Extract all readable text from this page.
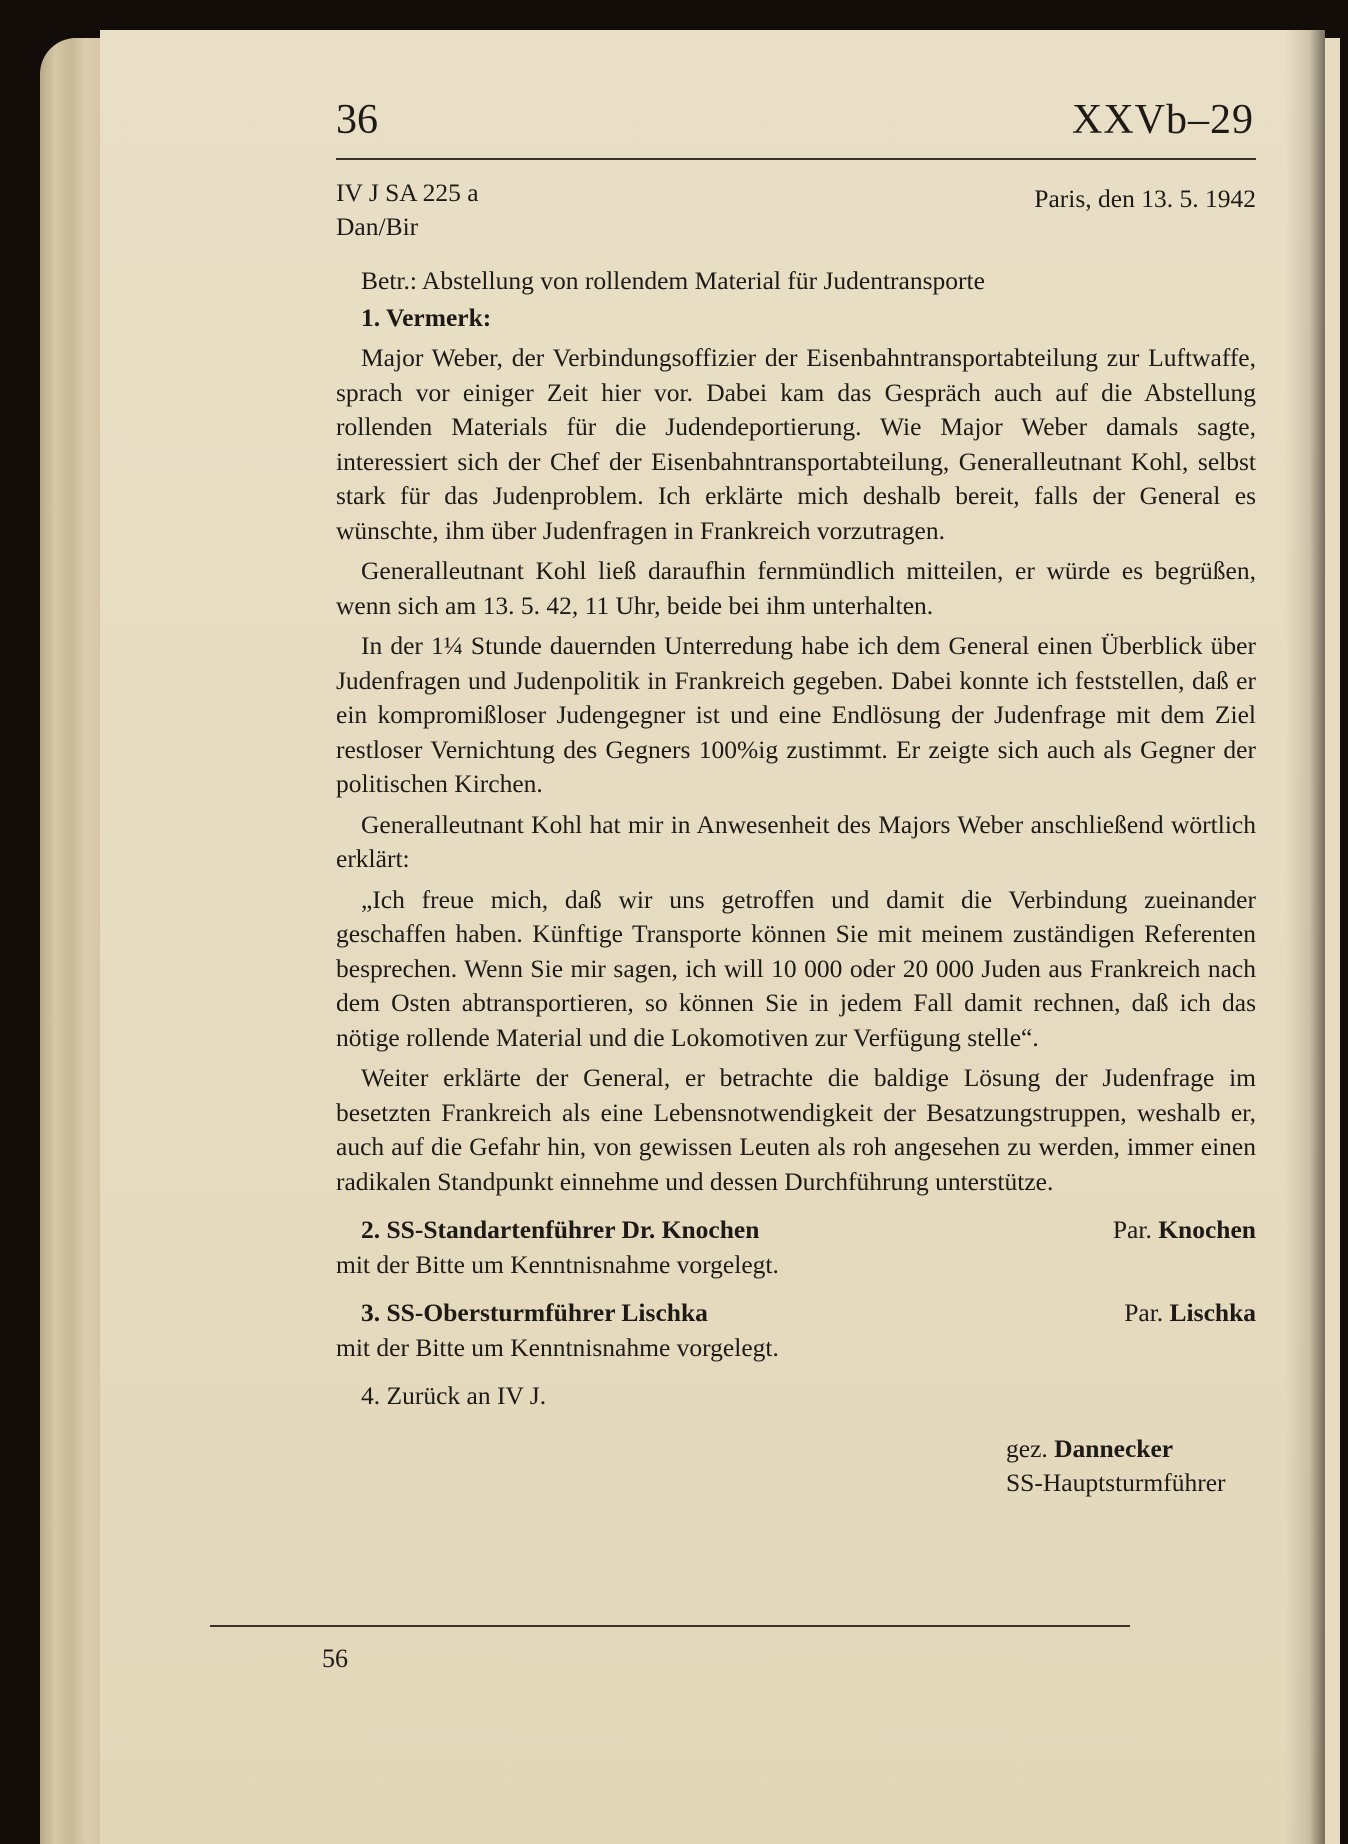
36	XXVb–29
IV J SA 225 a
Dan/Bir
Paris, den 13. 5. 1942
Betr.: Abstellung von rollendem Material für Judentransporte
1. Vermerk:

Major Weber, der Verbindungsoffizier der Eisenbahntransportabteilung zur Luftwaffe, sprach vor einiger Zeit hier vor. Dabei kam das Gespräch auch auf die Abstellung rollenden Materials für die Judendeportierung. Wie Major Weber damals sagte, interessiert sich der Chef der Eisenbahntransportabteilung, Generalleutnant Kohl, selbst stark für das Judenproblem. Ich erklärte mich deshalb bereit, falls der General es wünschte, ihm über Judenfragen in Frankreich vorzutragen.

Generalleutnant Kohl ließ daraufhin fernmündlich mitteilen, er würde es begrüßen, wenn sich am 13. 5. 42, 11 Uhr, beide bei ihm unterhalten.

In der 1¼ Stunde dauernden Unterredung habe ich dem General einen Überblick über Judenfragen und Judenpolitik in Frankreich gegeben. Dabei konnte ich feststellen, daß er ein kompromißloser Judengegner ist und eine Endlösung der Judenfrage mit dem Ziel restloser Vernichtung des Gegners 100%ig zustimmt. Er zeigte sich auch als Gegner der politischen Kirchen.

Generalleutnant Kohl hat mir in Anwesenheit des Majors Weber anschließend wörtlich erklärt:

„Ich freue mich, daß wir uns getroffen und damit die Verbindung zueinander geschaffen haben. Künftige Transporte können Sie mit meinem zuständigen Referenten besprechen. Wenn Sie mir sagen, ich will 10 000 oder 20 000 Juden aus Frankreich nach dem Osten abtransportieren, so können Sie in jedem Fall damit rechnen, daß ich das nötige rollende Material und die Lokomotiven zur Verfügung stelle“.

Weiter erklärte der General, er betrachte die baldige Lösung der Judenfrage im besetzten Frankreich als eine Lebensnotwendigkeit der Besatzungstruppen, weshalb er, auch auf die Gefahr hin, von gewissen Leuten als roh angesehen zu werden, immer einen radikalen Standpunkt einnehme und dessen Durchführung unterstütze.

2. SS-Standartenführer Dr. Knochen	Par. Knochen
mit der Bitte um Kenntnisnahme vorgelegt.
3. SS-Obersturmführer Lischka	Par. Lischka
mit der Bitte um Kenntnisnahme vorgelegt.
4. Zurück an IV J.
gez. Dannecker
SS-Hauptsturmführer
56
